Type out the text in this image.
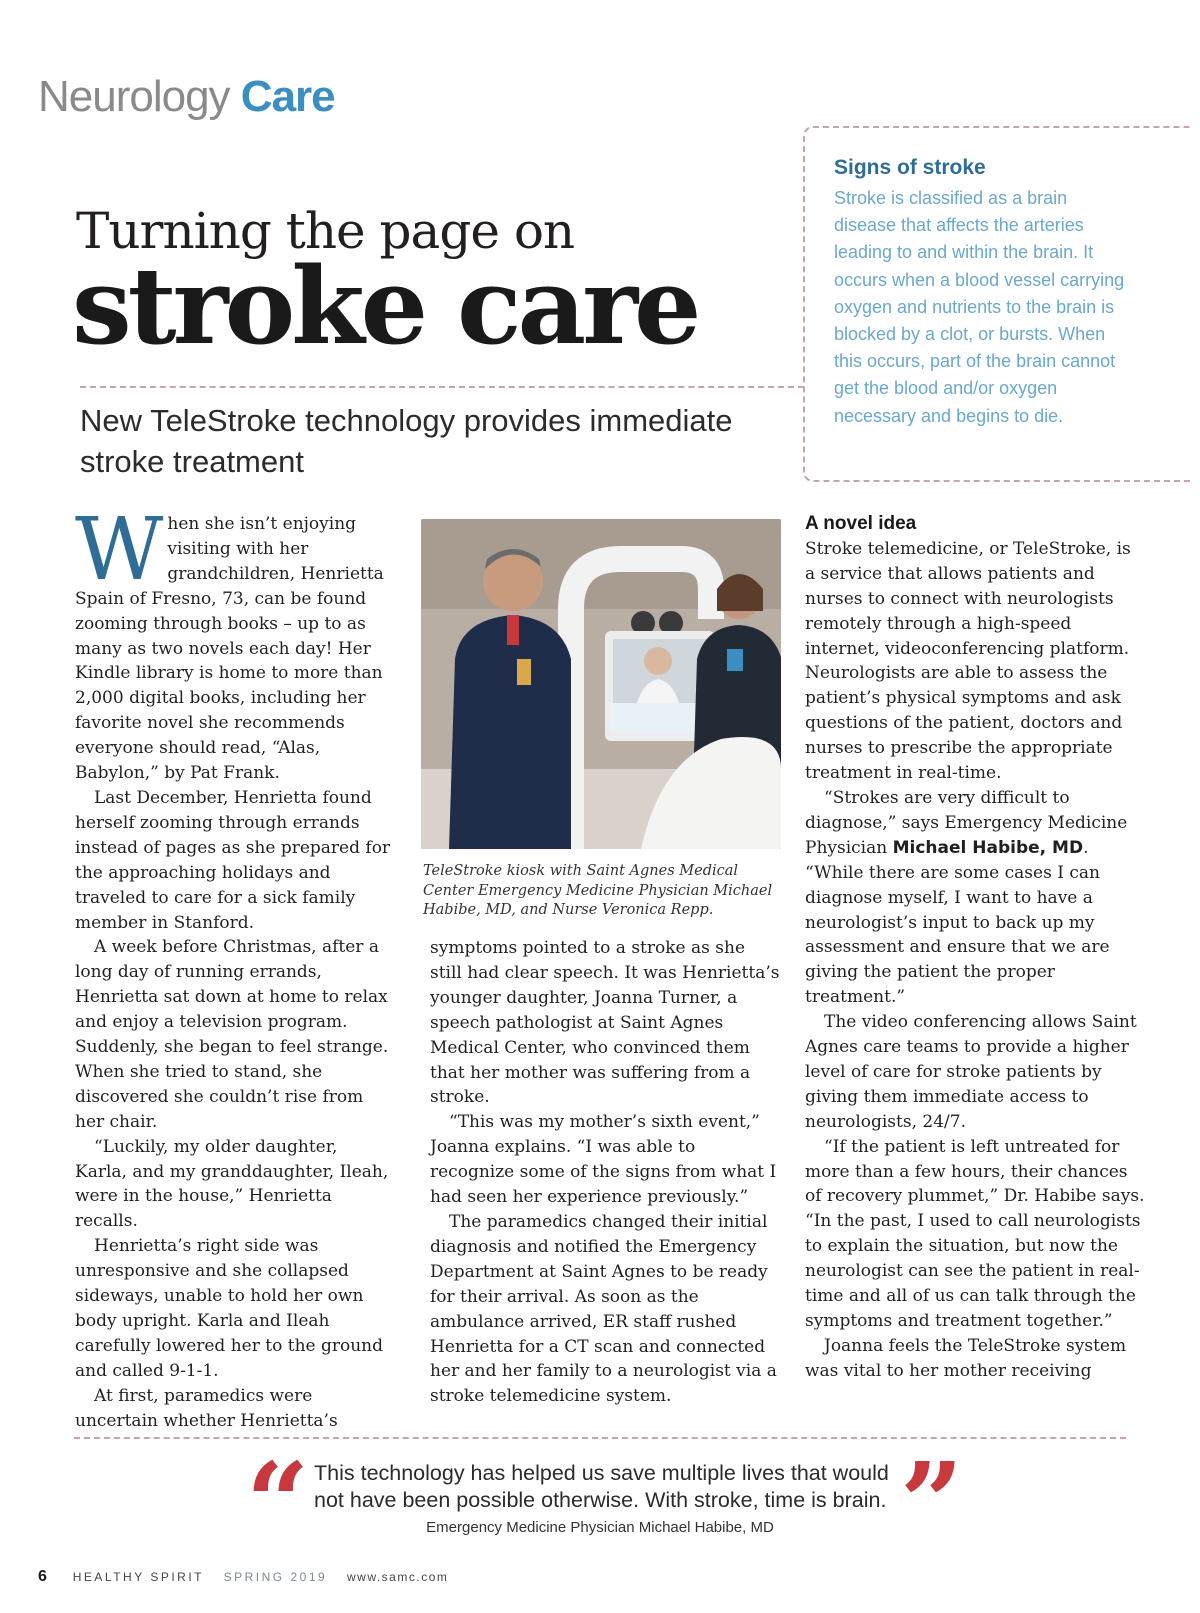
Neurology Care
Turning the page on
stroke care
New TeleStroke technology provides immediate stroke treatment
Signs of stroke
Stroke is classified as a brain disease that affects the arteries leading to and within the brain. It occurs when a blood vessel carrying oxygen and nutrients to the brain is blocked by a clot, or bursts. When this occurs, part of the brain cannot get the blood and/or oxygen necessary and begins to die.

When she isn’t enjoying visiting with her grandchildren, Henrietta Spain of Fresno, 73, can be found zooming through books – up to as many as two novels each day! Her Kindle library is home to more than 2,000 digital books, including her favorite novel she recommends everyone should read, “Alas, Babylon,” by Pat Frank.

Last December, Henrietta found herself zooming through errands instead of pages as she prepared for the approaching holidays and traveled to care for a sick family member in Stanford.

A week before Christmas, after a long day of running errands, Henrietta sat down at home to relax and enjoy a television program. Suddenly, she began to feel strange. When she tried to stand, she discovered she couldn’t rise from her chair.

“Luckily, my older daughter, Karla, and my granddaughter, Ileah, were in the house,” Henrietta recalls.

Henrietta’s right side was unresponsive and she collapsed sideways, unable to hold her own body upright. Karla and Ileah carefully lowered her to the ground and called 9-1-1.

At first, paramedics were uncertain whether Henrietta’s

TeleStroke kiosk with Saint Agnes Medical Center Emergency Medicine Physician Michael Habibe, MD, and Nurse Veronica Repp.

symptoms pointed to a stroke as she still had clear speech. It was Henrietta’s younger daughter, Joanna Turner, a speech pathologist at Saint Agnes Medical Center, who convinced them that her mother was suffering from a stroke.

“This was my mother’s sixth event,” Joanna explains. “I was able to recognize some of the signs from what I had seen her experience previously.”

The paramedics changed their initial diagnosis and notified the Emergency Department at Saint Agnes to be ready for their arrival. As soon as the ambulance arrived, ER staff rushed Henrietta for a CT scan and connected her and her family to a neurologist via a stroke telemedicine system.

A novel idea

Stroke telemedicine, or TeleStroke, is a service that allows patients and nurses to connect with neurologists remotely through a high-speed internet, videoconferencing platform. Neurologists are able to assess the patient’s physical symptoms and ask questions of the patient, doctors and nurses to prescribe the appropriate treatment in real-time.

“Strokes are very difficult to diagnose,” says Emergency Medicine Physician Michael Habibe, MD. “While there are some cases I can diagnose myself, I want to have a neurologist’s input to back up my assessment and ensure that we are giving the patient the proper treatment.”

The video conferencing allows Saint Agnes care teams to provide a higher level of care for stroke patients by giving them immediate access to neurologists, 24/7.

“If the patient is left untreated for more than a few hours, their chances of recovery plummet,” Dr. Habibe says. “In the past, I used to call neurologists to explain the situation, but now the neurologist can see the patient in real-time and all of us can talk through the symptoms and treatment together.”

Joanna feels the TeleStroke system was vital to her mother receiving

“ This technology has helped us save multiple lives that would not have been possible otherwise. With stroke, time is brain. ”
Emergency Medicine Physician Michael Habibe, MD
6 HEALTHY SPIRIT SPRING 2019 www.samc.com
